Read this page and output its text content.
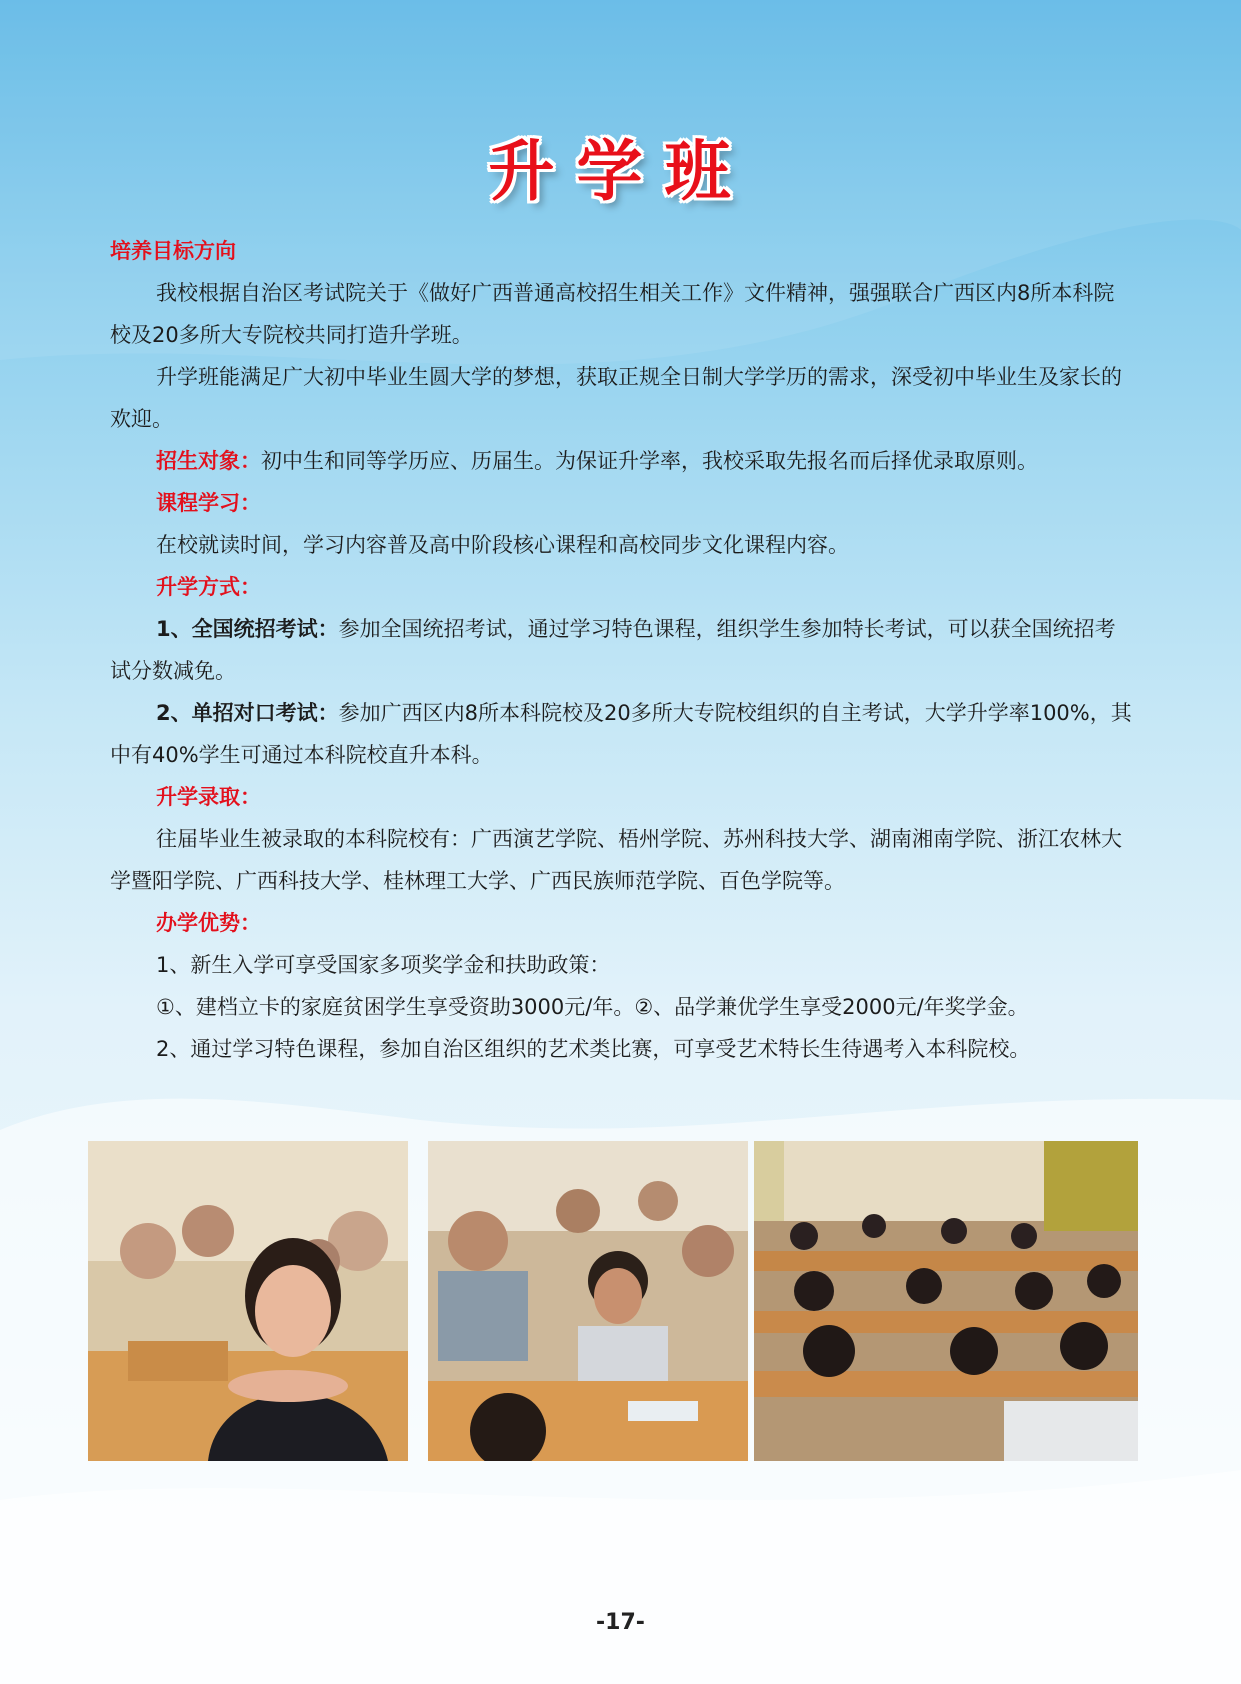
升学班

培养目标方向

我校根据自治区考试院关于《做好广西普通高校招生相关工作》文件精神，强强联合广西区内8所本科院校及20多所大专院校共同打造升学班。

升学班能满足广大初中毕业生圆大学的梦想，获取正规全日制大学学历的需求，深受初中毕业生及家长的欢迎。

招生对象：初中生和同等学历应、历届生。为保证升学率，我校采取先报名而后择优录取原则。

课程学习：

在校就读时间，学习内容普及高中阶段核心课程和高校同步文化课程内容。

升学方式：

1、全国统招考试：参加全国统招考试，通过学习特色课程，组织学生参加特长考试，可以获全国统招考试分数减免。

2、单招对口考试：参加广西区内8所本科院校及20多所大专院校组织的自主考试，大学升学率100%，其中有40%学生可通过本科院校直升本科。

升学录取：

往届毕业生被录取的本科院校有：广西演艺学院、梧州学院、苏州科技大学、湖南湘南学院、浙江农林大学暨阳学院、广西科技大学、桂林理工大学、广西民族师范学院、百色学院等。

办学优势：

1、新生入学可享受国家多项奖学金和扶助政策：

①、建档立卡的家庭贫困学生享受资助3000元/年。②、品学兼优学生享受2000元/年奖学金。

2、通过学习特色课程，参加自治区组织的艺术类比赛，可享受艺术特长生待遇考入本科院校。

-17-
